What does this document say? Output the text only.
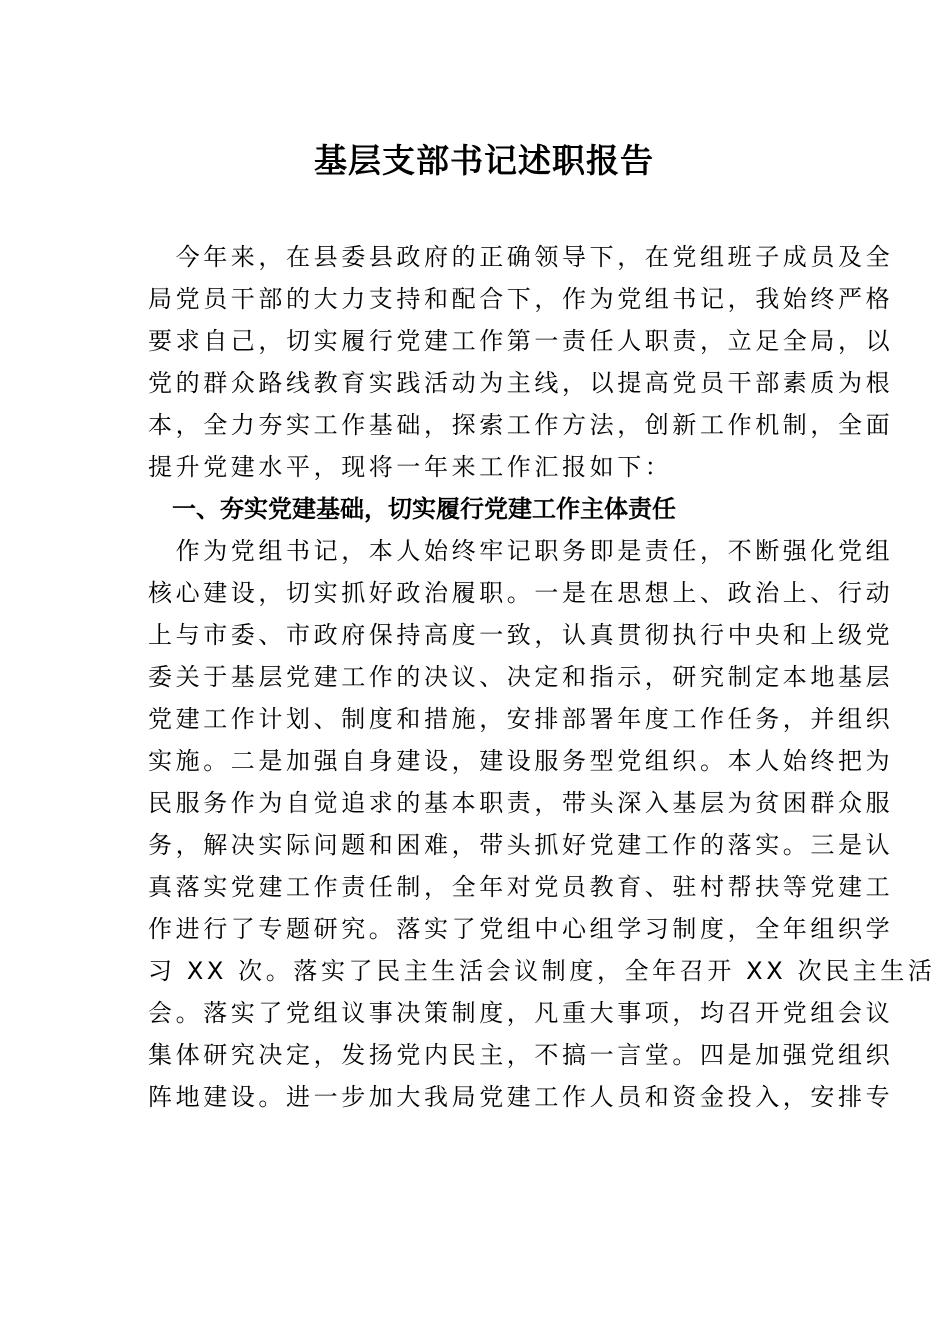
基层支部书记述职报告
　今年来，在县委县政府的正确领导下，在党组班子成员及全
局党员干部的大力支持和配合下，作为党组书记，我始终严格
要求自己，切实履行党建工作第一责任人职责，立足全局，以
党的群众路线教育实践活动为主线，以提高党员干部素质为根
本，全力夯实工作基础，探索工作方法，创新工作机制，全面
提升党建水平，现将一年来工作汇报如下：
　一、夯实党建基础，切实履行党建工作主体责任
　作为党组书记，本人始终牢记职务即是责任，不断强化党组
核心建设，切实抓好政治履职。一是在思想上、政治上、行动
上与市委、市政府保持高度一致，认真贯彻执行中央和上级党
委关于基层党建工作的决议、决定和指示，研究制定本地基层
党建工作计划、制度和措施，安排部署年度工作任务，并组织
实施。二是加强自身建设，建设服务型党组织。本人始终把为
民服务作为自觉追求的基本职责，带头深入基层为贫困群众服
务，解决实际问题和困难，带头抓好党建工作的落实。三是认
真落实党建工作责任制，全年对党员教育、驻村帮扶等党建工
作进行了专题研究。落实了党组中心组学习制度，全年组织学
习 XX 次。落实了民主生活会议制度，全年召开 XX 次民主生活
会。落实了党组议事决策制度，凡重大事项，均召开党组会议
集体研究决定，发扬党内民主，不搞一言堂。四是加强党组织
阵地建设。进一步加大我局党建工作人员和资金投入，安排专
